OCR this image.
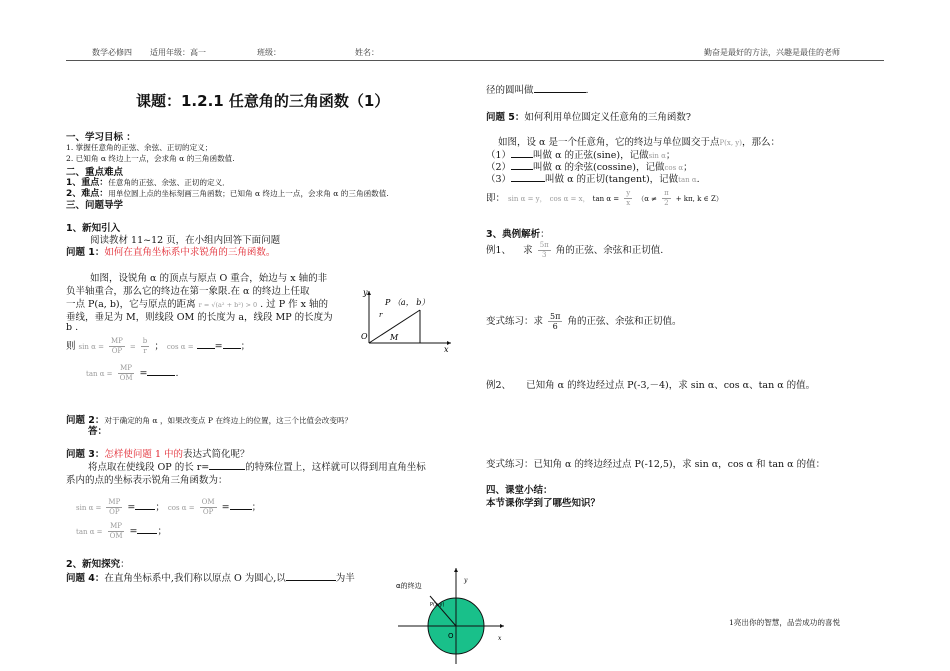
数学必修四 适用年级：高一	班级：	姓名：	勤奋是最好的方法，兴趣是最佳的老师
课题：1.2.1 任意角的三角函数（1）
一、学习目标 ：
1. 掌握任意角的正弦、余弦、正切的定义；
2. 已知角 α 终边上一点，会求角 α 的三角函数值.
二、重点难点
1、重点：任意角的正弦、余弦、正切的定义．
2、难点：用单位圆上点的坐标刻画三角函数；已知角 α 终边上一点，会求角 α 的三角函数值.
三、问题导学
1、新知引入
阅读教材 11~12 页，在小组内回答下面问题
问题 1：如何在直角坐标系中求锐角的三角函数。
如图，设锐角 α 的顶点与原点 O 重合，始边与 x 轴的非
负半轴重合，那么它的终边在第一象限.在 α 的终边上任取
一点 P(a, b)，它与原点的距离 r = √(a² + b²) > 0 . 过 P 作 x 轴的
垂线，垂足为 M，则线段 OM 的长度为 a，线段 MP 的长度为
b .
则 $\sin \alpha = \frac{MP}{OP} = \frac{b}{r}$ ； cos α = = ；
$\tan \alpha = \frac{MP}{OM}$ =	.
问题 2：对于确定的角 α ，如果改变点 P 在终边上的位置，这三个比值会改变吗？
答：
问题 3：怎样使问题 1 中的表达式简化呢？
将点取在使线段 OP 的长 r=	的特殊位置上，这样就可以得到用直角坐标
系内的点的坐标表示锐角三角函数为：
$\sin \alpha = \frac{MP}{OP}$ = ； $\cos \alpha = \frac{OM}{OP}$ = ；
$\tan \alpha = \frac{MP}{OM}$ = ；
2、新知探究：
问题 4：在直角坐标系中,我们称以原点 O 为圆心,以	为半
y
x
O
P （a， b）
r
M
y
x
α的终边
P(x,y)
O
径的圆叫做	.
问题 5：如何利用单位圆定义任意角的三角函数?
如图，设 α 是一个任意角，它的终边与单位圆交于点P(x, y)，那么：
（1） 叫做 α 的正弦(sine)，记做sin α；
（2） 叫做 α 的余弦(cossine)，记做cos α；
（3）	叫做 α 的正切(tangent)，记做tan α.
即： sin α = y， cos α = x， $\tan \alpha = \frac{y}{x} (\alpha \ne \frac{\pi}{2} + k\pi$, k ∈ Z）
3、典例解析：
例1、 求 $\frac{5\pi}{3}$ 角的正弦、余弦和正切值.
变式练习：求 $\frac{5\pi}{6}$ 角的正弦、余弦和正切值。
例2、 已知角 α 的终边经过点 P(-3,－4)，求 sin α、cos α、tan α 的值。
变式练习：已知角 α 的终边经过点 P(-12,5)，求 sin α，cos α 和 tan α 的值：
四、课堂小结：
本节课你学到了哪些知识？
1亮出你的智慧，品尝成功的喜悦
